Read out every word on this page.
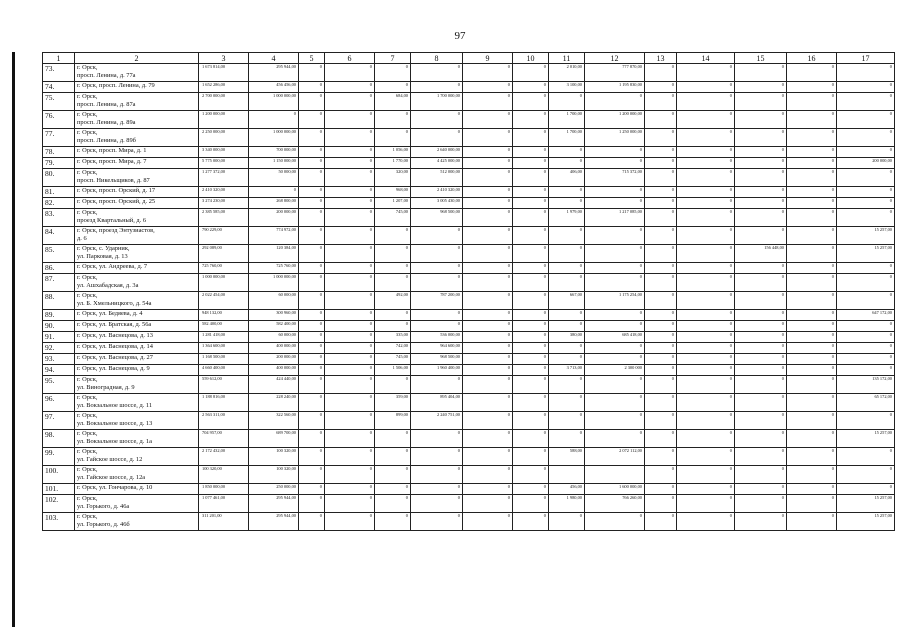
97
1	2	3	4	5	6	7	8	9	10	11	12	13	14	15	16	17
73.	г. Орск,
просп. Ленина, д. 77а	1 673 814,00	295 944,00	0	0	0	0	0	0	2 010,00	777 870,00	0	0	0	0	0
74.	г. Орск, просп. Ленина, д. 79	1 652 286,00	456 456,00	0	0	0	0	0	0	3 100,00	1 195 830,00	0	0	0	0	0
75.	г. Орск,
просп. Ленина, д. 87а	2 700 000,00	1 000 000,00	0	0	684,00	1 700 000,00	0	0	0	0	0	0	0	0	0
76.	г. Орск,
просп. Ленина, д. 89а	1 200 000,00	0	0	0	0	0	0	0	1 700,00	1 200 000,00	0	0	0	0	0
77.	г. Орск,
просп. Ленина, д. 89б	2 250 000,00	1 000 000,00	0	0	0	0	0	0	1 700,00	1 250 000,00	0	0	0	0	0
78.	г. Орск, просп. Мира, д. 1	3 340 000,00	700 000,00	0	0	1 056,00	2 640 000,00	0	0	0	0	0	0	0	0	0
79.	г. Орск, просп. Мира, д. 7	5 775 000,00	1 150 000,00	0	0	1 770,00	4 425 000,00	0	0	0	0	0	0	0	0	200 000,00
80.	г. Орск,
просп. Никельщиков, д. 87	1 277 372,00	50 000,00	0	0	320,00	512 000,00	0	0	406,00	715 372,00	0	0	0	0	0
81.	г. Орск, просп. Орский, д. 17	2 410 320,00	0	0	0	968,00	2 410 320,00	0	0	0	0	0	0	0	0	0
82.	г. Орск, просп. Орский, д. 25	3 274 230,00	268 800,00	0	0	1 207,00	3 005 430,00	0	0	0	0	0	0	0	0	0
83.	г. Орск,
проезд Квартальный, д. 6	2 385 585,00	200 000,00	0	0	745,00	968 500,00	0	0	1 979,00	1 217 085,00	0	0	0	0	0
84.	г. Орск, проезд Энтузиастов,
д. 6	790 229,00	774 972,00	0	0	0	0	0	0	0	0	0	0	0	0	15 257,00
85.	г. Орск, с. Ударник,
ул. Парковая, д. 13	292 089,00	120 384,00	0	0	0	0	0	0	0	0	0	0	156 448,00	0	15 257,00
86.	г. Орск, ул. Андреева, д. 7	725 760,00	725 760,00	0	0	0	0	0	0	0	0	0	0	0	0	0
87.	г. Орск,
ул. Ашхабадская, д. 3а	1 000 000,00	1 000 000,00	0	0	0	0	0	0	0	0	0	0	0	0	0
88.	г. Орск,
ул. Б. Хмельницкого, д. 54а	2 022 454,00	60 000,00	0	0	492,00	787 200,00	0	0	667,00	1 175 254,00	0	0	0	0	0
89.	г. Орск, ул. Бедяева, д. 4	948 132,00	300 960,00	0	0	0	0	0	0	0	0	0	0	0	0	647 172,00
90.	г. Орск, ул. Братская, д. 56а	582 400,00	582 400,00	0	0	0	0	0	0	0	0	0	0	0	0	0
91.	г. Орск, ул. Васнецова, д. 13	1 281 418,00	60 000,00	0	0	335,00	536 000,00	0	0	380,00	685 418,00	0	0	0	0	0
92.	г. Орск, ул. Васнецова, д. 14	1 364 600,00	400 000,00	0	0	742,00	964 600,00	0	0	0	0	0	0	0	0	0
93.	г. Орск, ул. Васнецова, д. 27	1 168 500,00	200 000,00	0	0	745,00	968 500,00	0	0	0	0	0	0	0	0	0
94.	г. Орск, ул. Васнецова, д. 9	4 660 400,00	400 000,00	0	0	1 506,00	1 960 400,00	0	0	3 713,00	2 300 000	0	0	0	0	0
95.	г. Орск,
ул. Виноградная, д. 9	559 612,00	424 440,00	0	0	0	0	0	0	0	0	0	0	0	0	135 172,00
96.	г. Орск,
ул. Вокзальное шоссе, д. 11	1 188 816,00	228 240,00	0	0	359,00	895 404,00	0	0	0	0	0	0	0	0	65 172,00
97.	г. Орск,
ул. Вокзальное шоссе, д. 13	2 563 311,00	322 560,00	0	0	899,00	2 240 751,00	0	0	0	0	0	0	0	0	0
98.	г. Орск,
ул. Вокзальное шоссе, д. 1а	704 957,00	689 700,00	0	0	0	0	0	0	0	0	0	0	0	0	15 257,00
99.	г. Орск,
ул. Гайское шоссе, д. 12	2 172 432,00	100 320,00	0	0	0	0	0	0	588,00	2 072 112,00	0	0	0	0	0
100.	г. Орск,
ул. Гайское шоссе, д. 12а	100 320,00	100 320,00	0	0	0	0	0	0			0	0	0	0	0
101.	г. Орск, ул. Гончарова, д. 10	1 850 000,00	250 000,00	0	0	0	0	0	0	456,00	1 600 000,00	0	0	0	0	0
102.	г. Орск,
ул. Горького, д. 46а	1 077 461,00	295 944,00	0	0	0	0	0	0	1 980,00	766 260,00	0	0	0	0	15 257,00
103.	г. Орск,
ул. Горького, д. 46б	311 201,00	295 944,00	0	0	0	0	0	0	0	0	0	0	0	0	15 257,00
